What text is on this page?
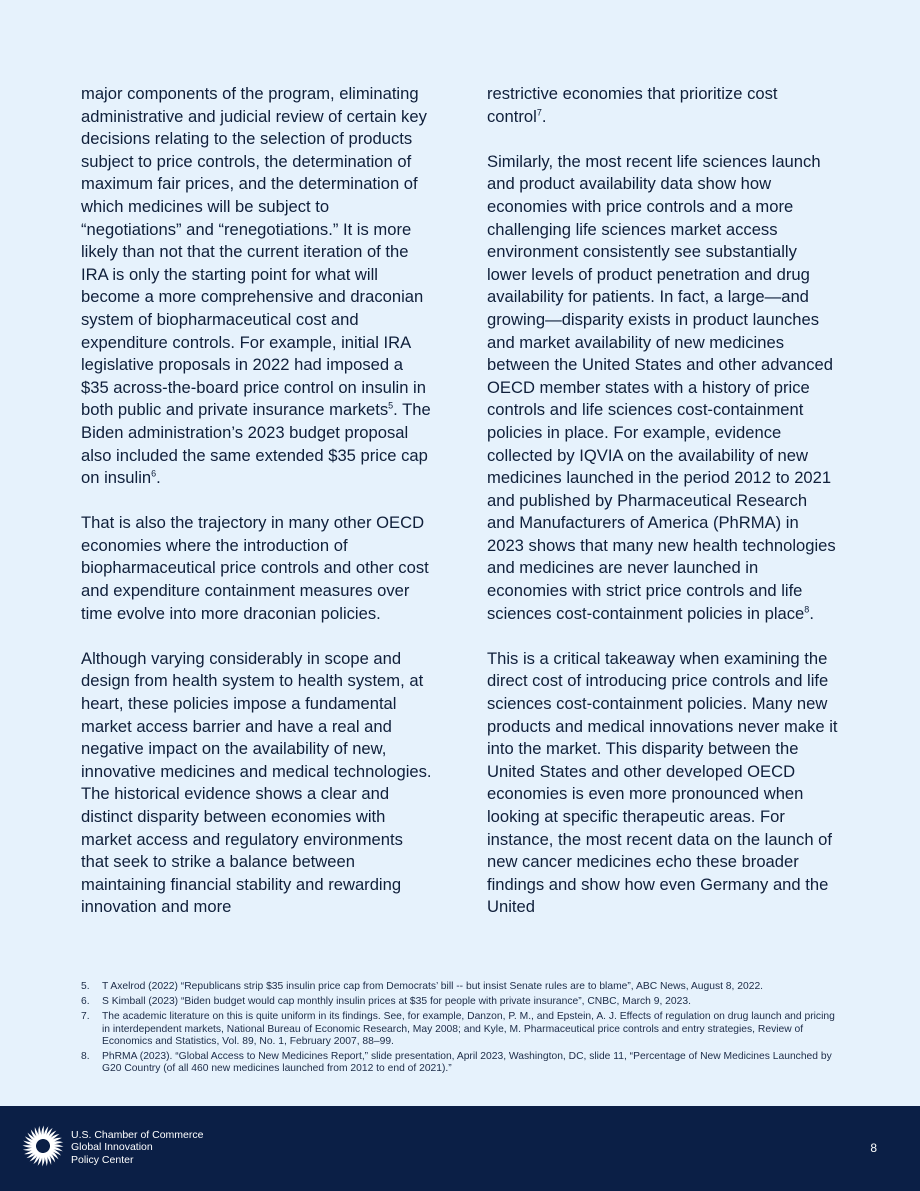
major components of the program, eliminating administrative and judicial review of certain key decisions relating to the selection of products subject to price controls, the determination of maximum fair prices, and the determination of which medicines will be subject to “negotiations” and “renegotiations.” It is more likely than not that the current iteration of the IRA is only the starting point for what will become a more comprehensive and draconian system of biopharmaceutical cost and expenditure controls. For example, initial IRA legislative proposals in 2022 had imposed a $35 across-the-board price control on insulin in both public and private insurance markets$^5$. The Biden administration’s 2023 budget proposal also included the same extended $35 price cap on insulin$^6$.

That is also the trajectory in many other OECD economies where the introduction of biopharmaceutical price controls and other cost and expenditure containment measures over time evolve into more draconian policies.

Although varying considerably in scope and design from health system to health system, at heart, these policies impose a fundamental market access barrier and have a real and negative impact on the availability of new, innovative medicines and medical technologies. The historical evidence shows a clear and distinct disparity between economies with market access and regulatory environments that seek to strike a balance between maintaining financial stability and rewarding innovation and more

restrictive economies that prioritize cost control$^7$.

Similarly, the most recent life sciences launch and product availability data show how economies with price controls and a more challenging life sciences market access environment consistently see substantially lower levels of product penetration and drug availability for patients. In fact, a large—and growing—disparity exists in product launches and market availability of new medicines between the United States and other advanced OECD member states with a history of price controls and life sciences cost-containment policies in place. For example, evidence collected by IQVIA on the availability of new medicines launched in the period 2012 to 2021 and published by Pharmaceutical Research and Manufacturers of America (PhRMA) in 2023 shows that many new health technologies and medicines are never launched in economies with strict price controls and life sciences cost-containment policies in place$^8$.

This is a critical takeaway when examining the direct cost of introducing price controls and life sciences cost-containment policies. Many new products and medical innovations never make it into the market. This disparity between the United States and other developed OECD economies is even more pronounced when looking at specific therapeutic areas. For instance, the most recent data on the launch of new cancer medicines echo these broader findings and show how even Germany and the United

5. T Axelrod (2022) “Republicans strip $35 insulin price cap from Democrats’ bill -- but insist Senate rules are to blame”, ABC News, August 8, 2022.
6. S Kimball (2023) “Biden budget would cap monthly insulin prices at $35 for people with private insurance”, CNBC, March 9, 2023.
7. The academic literature on this is quite uniform in its findings. See, for example, Danzon, P. M., and Epstein, A. J. Effects of regulation on drug launch and pricing in interdependent markets, National Bureau of Economic Research, May 2008; and Kyle, M. Pharmaceutical price controls and entry strategies, Review of Economics and Statistics, Vol. 89, No. 1, February 2007, 88–99.
8. PhRMA (2023). “Global Access to New Medicines Report,” slide presentation, April 2023, Washington, DC, slide 11, “Percentage of New Medicines Launched by G20 Country (of all 460 new medicines launched from 2012 to end of 2021).”
U.S. Chamber of Commerce
Global Innovation
Policy Center
8
